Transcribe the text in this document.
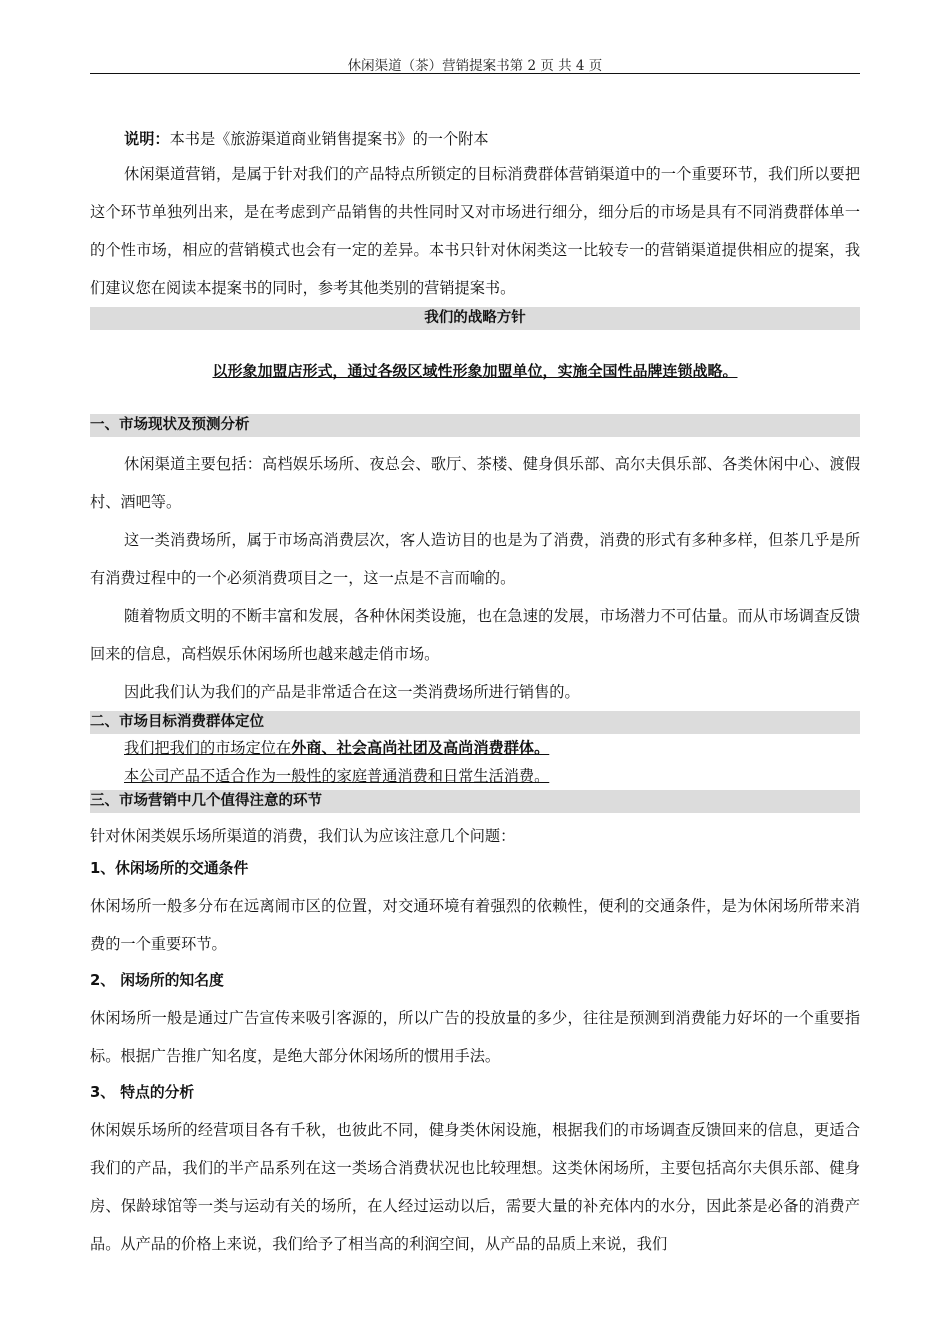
休闲渠道（茶）营销提案书第 2 页 共 4 页

说明：本书是《旅游渠道商业销售提案书》的一个附本

休闲渠道营销，是属于针对我们的产品特点所锁定的目标消费群体营销渠道中的一个重要环节，我们所以要把这个环节单独列出来，是在考虑到产品销售的共性同时又对市场进行细分，细分后的市场是具有不同消费群体单一的个性市场，相应的营销模式也会有一定的差异。本书只针对休闲类这一比较专一的营销渠道提供相应的提案，我们建议您在阅读本提案书的同时，参考其他类别的营销提案书。

我们的战略方针

以形象加盟店形式，通过各级区域性形象加盟单位，实施全国性品牌连锁战略。

一、市场现状及预测分析

休闲渠道主要包括：高档娱乐场所、夜总会、歌厅、茶楼、健身俱乐部、高尔夫俱乐部、各类休闲中心、渡假村、酒吧等。

这一类消费场所，属于市场高消费层次，客人造访目的也是为了消费，消费的形式有多种多样，但茶几乎是所有消费过程中的一个必须消费项目之一，这一点是不言而喻的。

随着物质文明的不断丰富和发展，各种休闲类设施，也在急速的发展，市场潜力不可估量。而从市场调查反馈回来的信息，高档娱乐休闲场所也越来越走俏市场。

因此我们认为我们的产品是非常适合在这一类消费场所进行销售的。

二、市场目标消费群体定位

我们把我们的市场定位在外商、社会高尚社团及高尚消费群体。

本公司产品不适合作为一般性的家庭普通消费和日常生活消费。

三、市场营销中几个值得注意的环节

针对休闲类娱乐场所渠道的消费，我们认为应该注意几个问题：

1、休闲场所的交通条件

休闲场所一般多分布在远离闹市区的位置，对交通环境有着强烈的依赖性，便利的交通条件，是为休闲场所带来消费的一个重要环节。

2、 闲场所的知名度

休闲场所一般是通过广告宣传来吸引客源的，所以广告的投放量的多少，往往是预测到消费能力好坏的一个重要指标。根据广告推广知名度，是绝大部分休闲场所的惯用手法。

3、 特点的分析

休闲娱乐场所的经营项目各有千秋，也彼此不同，健身类休闲设施，根据我们的市场调查反馈回来的信息，更适合我们的产品，我们的半产品系列在这一类场合消费状况也比较理想。这类休闲场所，主要包括高尔夫俱乐部、健身房、保龄球馆等一类与运动有关的场所，在人经过运动以后，需要大量的补充体内的水分，因此茶是必备的消费产品。从产品的价格上来说，我们给予了相当高的利润空间，从产品的品质上来说，我们
